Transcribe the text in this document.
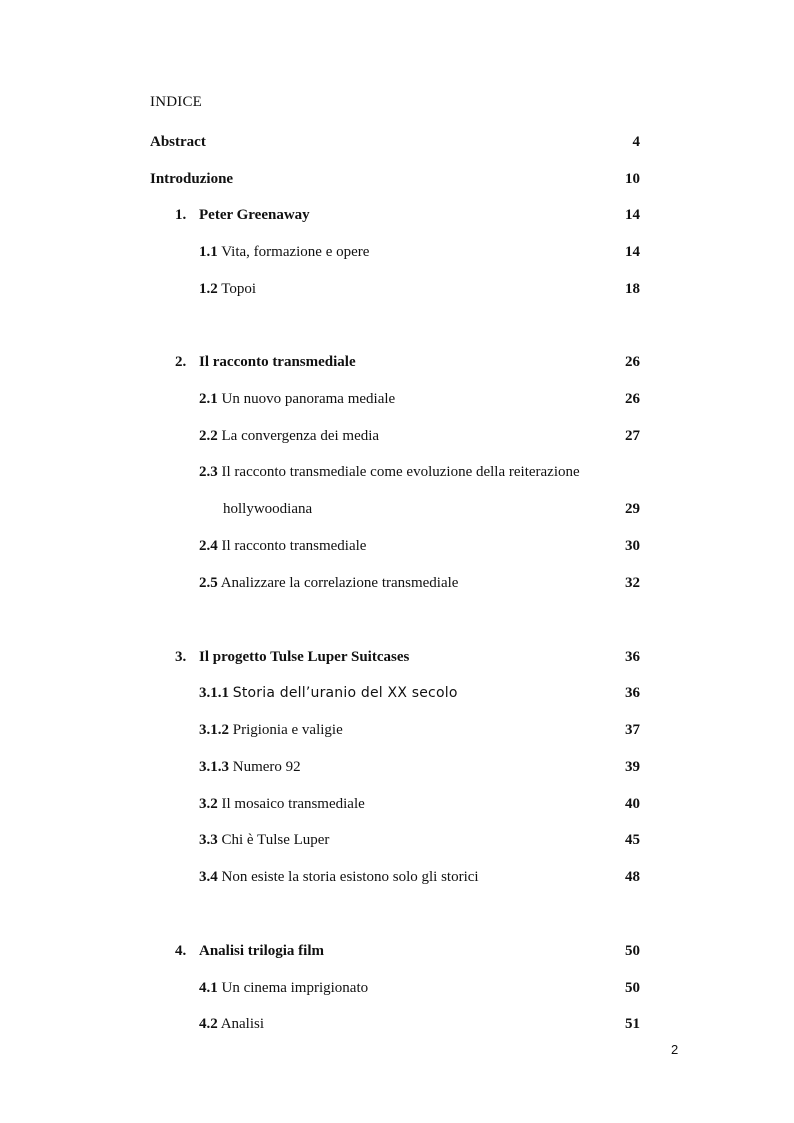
INDICE
Abstract	4
Introduzione	10
1. Peter Greenaway	14
1.1 Vita, formazione e opere	14
1.2 Topoi	18
2. Il racconto transmediale	26
2.1 Un nuovo panorama mediale	26
2.2 La convergenza dei media	27
2.3 Il racconto transmediale come evoluzione della reiterazione
hollywoodiana	29
2.4 Il racconto transmediale	30
2.5 Analizzare la correlazione transmediale	32
3. Il progetto Tulse Luper Suitcases	36
3.1.1 Storia dell’uranio del XX secolo	36
3.1.2 Prigionia e valigie	37
3.1.3 Numero 92	39
3.2 Il mosaico transmediale	40
3.3 Chi è Tulse Luper	45
3.4 Non esiste la storia esistono solo gli storici	48
4. Analisi trilogia film	50
4.1 Un cinema imprigionato	50
4.2 Analisi	51
2
